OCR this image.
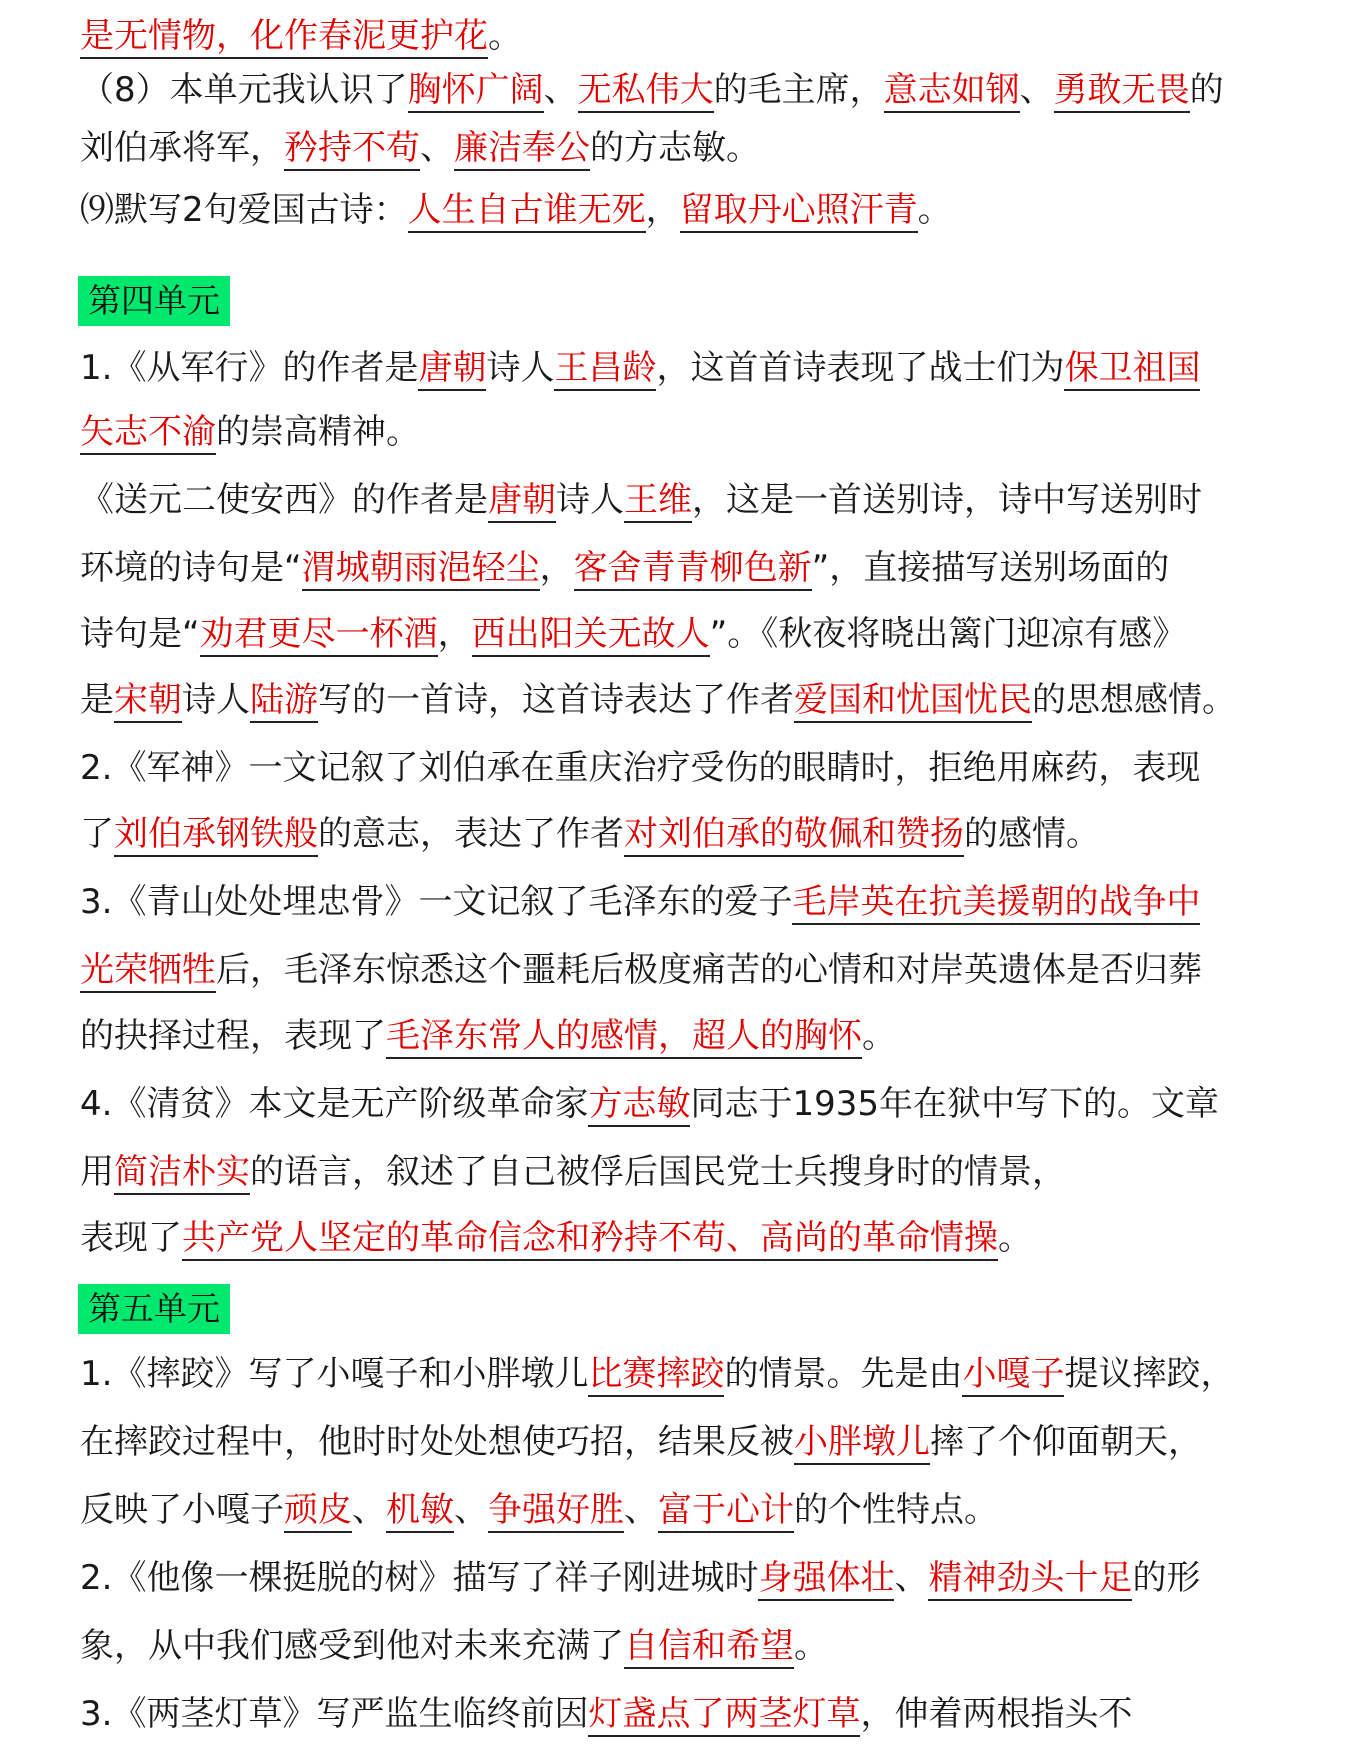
是无情物，化作春泥更护花。
（8）本单元我认识了胸怀广阔、无私伟大的毛主席，意志如钢、勇敢无畏的
刘伯承将军，矜持不苟、廉洁奉公的方志敏。
⑼默写2句爱国古诗：人生自古谁无死，留取丹心照汗青。
第四单元
1.《从军行》的作者是唐朝诗人王昌龄，这首首诗表现了战士们为保卫祖国
矢志不渝的崇高精神。
《送元二使安西》的作者是唐朝诗人王维，这是一首送别诗，诗中写送别时
环境的诗句是“渭城朝雨浥轻尘，客舍青青柳色新”，直接描写送别场面的
诗句是“劝君更尽一杯酒，西出阳关无故人”。《秋夜将晓出篱门迎凉有感》
是宋朝诗人陆游写的一首诗，这首诗表达了作者爱国和忧国忧民的思想感情。
2.《军神》一文记叙了刘伯承在重庆治疗受伤的眼睛时，拒绝用麻药，表现
了刘伯承钢铁般的意志，表达了作者对刘伯承的敬佩和赞扬的感情。
3.《青山处处埋忠骨》一文记叙了毛泽东的爱子毛岸英在抗美援朝的战争中
光荣牺牲后，毛泽东惊悉这个噩耗后极度痛苦的心情和对岸英遗体是否归葬
的抉择过程，表现了毛泽东常人的感情，超人的胸怀。
4.《清贫》本文是无产阶级革命家方志敏同志于1935年在狱中写下的。文章
用简洁朴实的语言，叙述了自己被俘后国民党士兵搜身时的情景，
表现了共产党人坚定的革命信念和矜持不苟、高尚的革命情操。
第五单元
1.《摔跤》写了小嘎子和小胖墩儿比赛摔跤的情景。先是由小嘎子提议摔跤，
在摔跤过程中，他时时处处想使巧招，结果反被小胖墩儿摔了个仰面朝天，
反映了小嘎子顽皮、机敏、争强好胜、富于心计的个性特点。
2.《他像一棵挺脱的树》描写了祥子刚进城时身强体壮、精神劲头十足的形
象，从中我们感受到他对未来充满了自信和希望。
3.《两茎灯草》写严监生临终前因灯盏点了两茎灯草，伸着两根指头不
